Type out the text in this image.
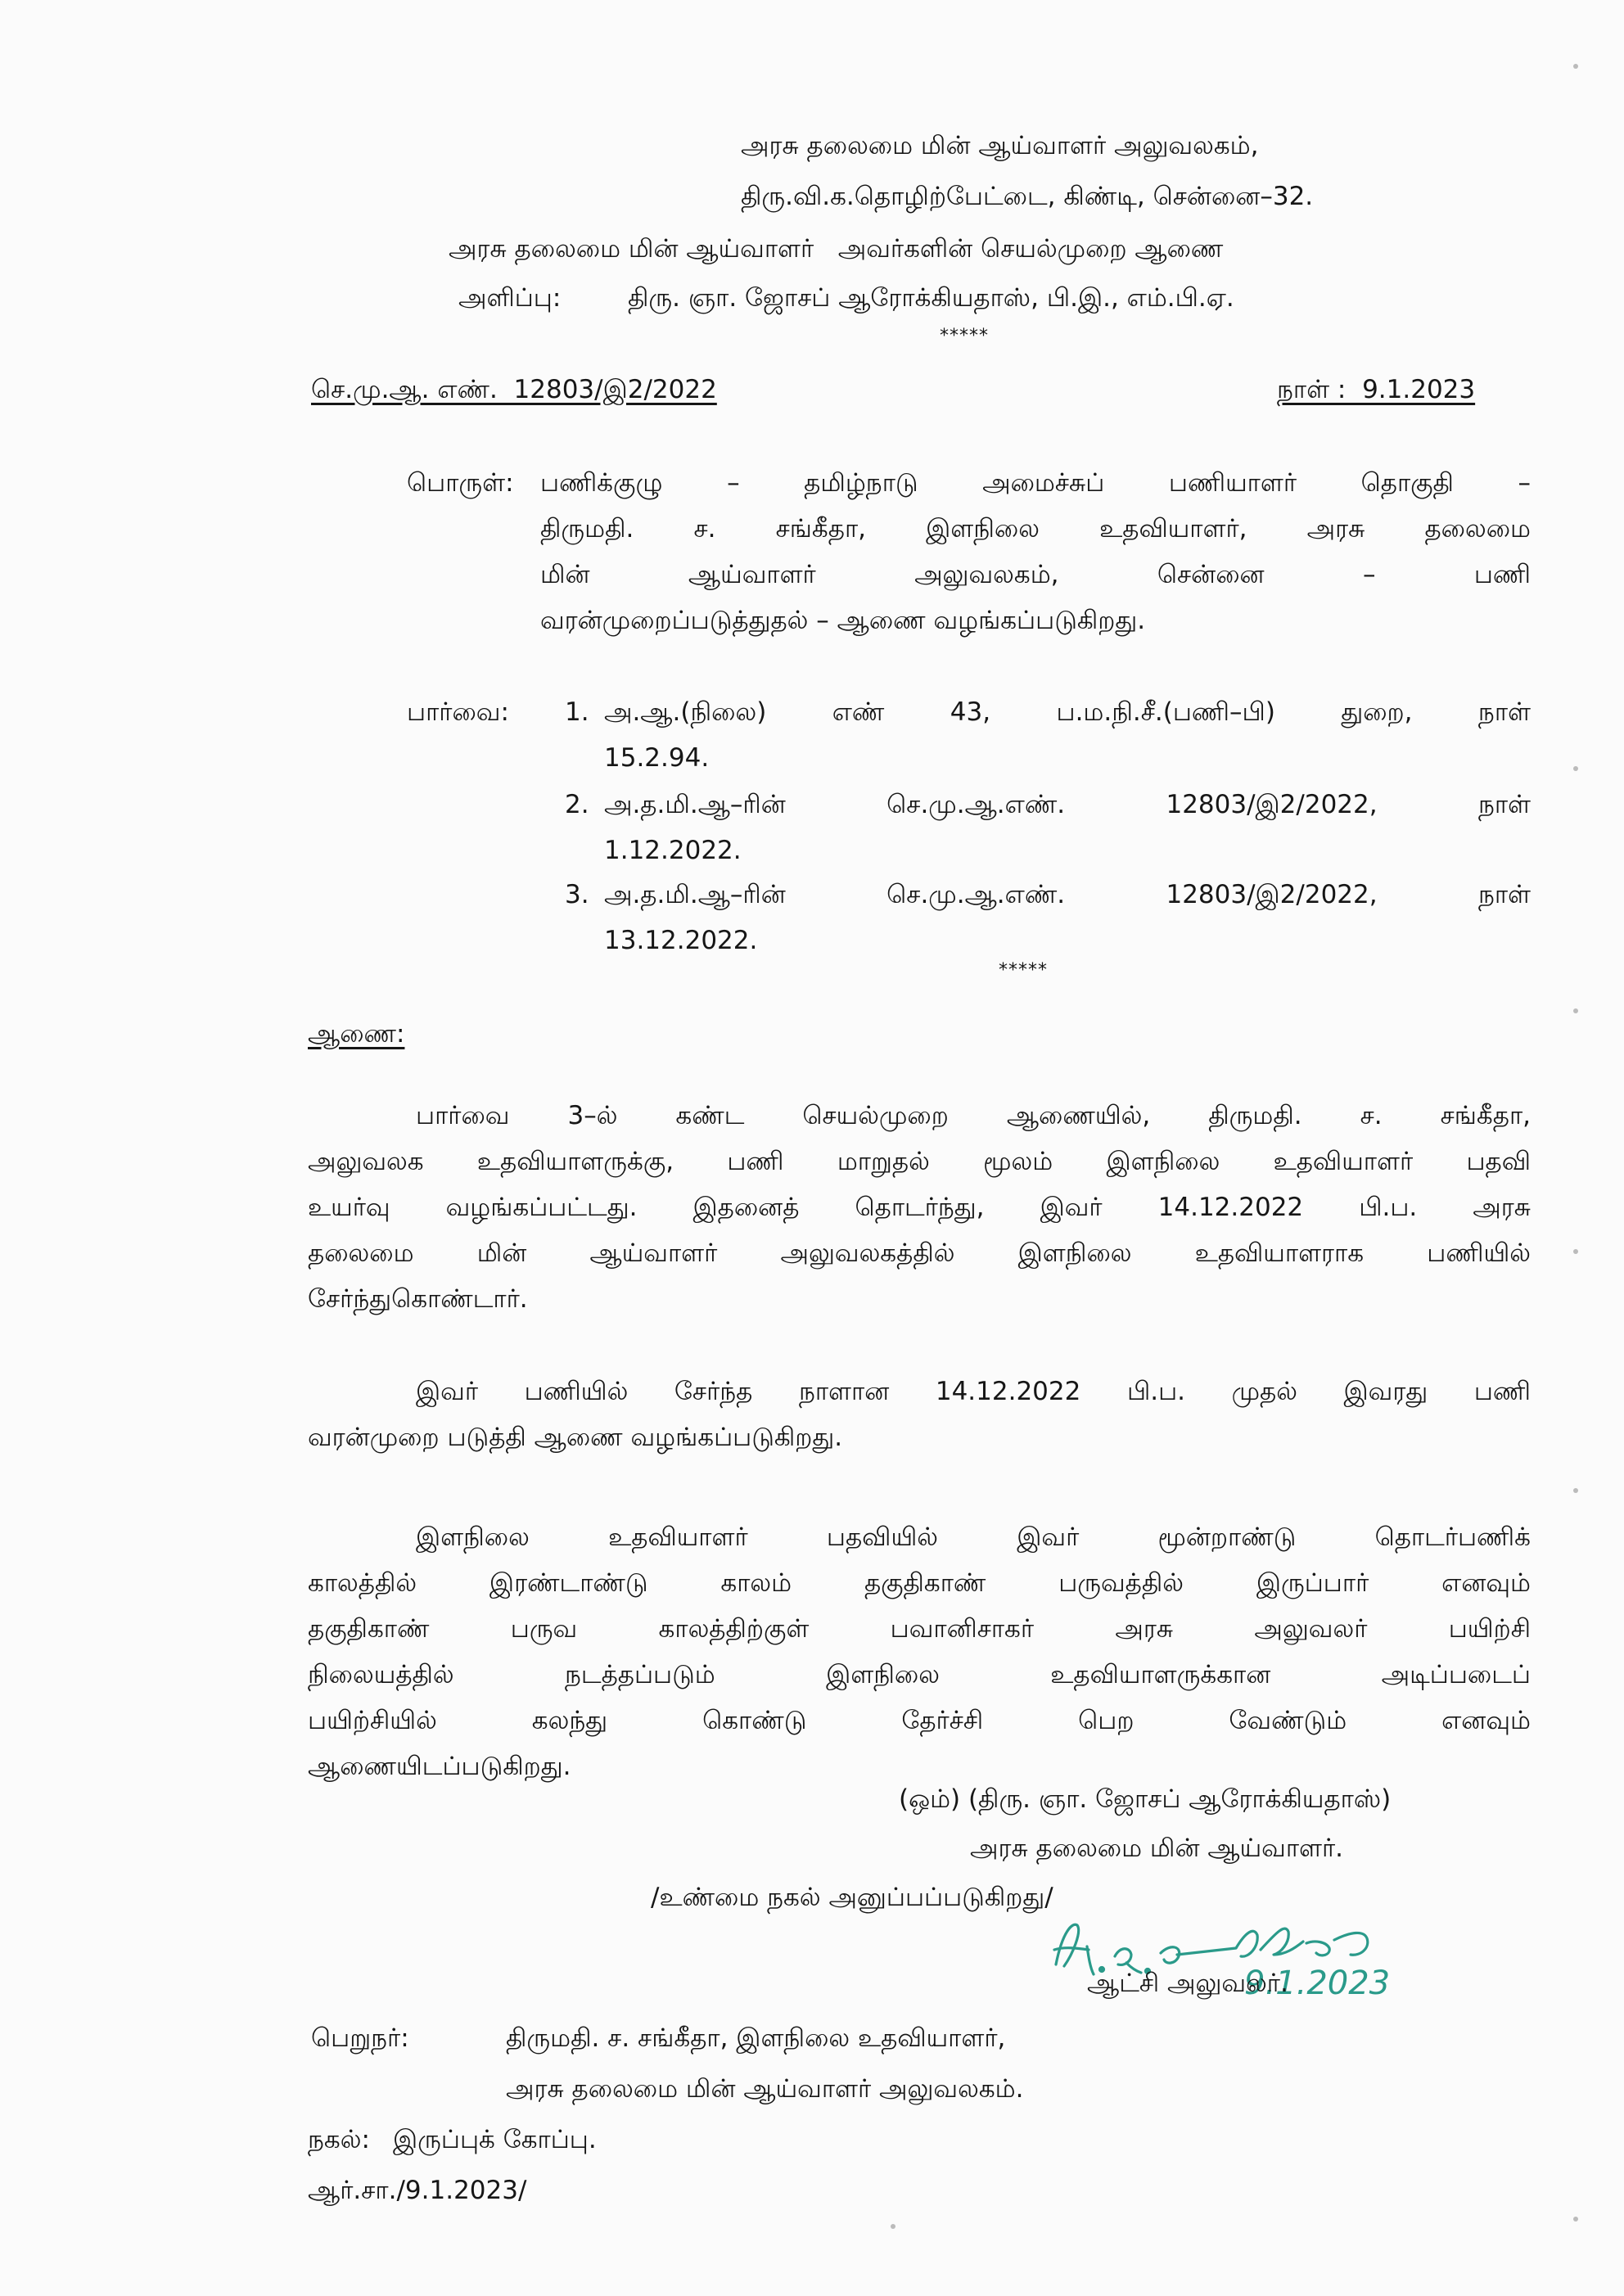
அரசு தலைமை மின் ஆய்வாளர் அலுவலகம்,
திரு.வி.க.தொழிற்பேட்டை, கிண்டி, சென்னை–32.
அரசு தலைமை மின் ஆய்வாளர்   அவர்களின் செயல்முறை ஆணை
அளிப்பு:	திரு. ஞா. ஜோசப் ஆரோக்கியதாஸ், பி.இ., எம்.பி.ஏ.
*****
செ.மு.ஆ. எண்.  12803/இ2/2022	நாள் :  9.1.2023
பொருள்: பணிக்குழு – தமிழ்நாடு அமைச்சுப் பணியாளர் தொகுதி –
திருமதி. ச. சங்கீதா, இளநிலை உதவியாளர், அரசு தலைமை
மின் ஆய்வாளர் அலுவலகம், சென்னை – பணி
வரன்முறைப்படுத்துதல் – ஆணை வழங்கப்படுகிறது.
பார்வை: 1. அ.ஆ.(நிலை) எண் 43, ப.ம.நி.சீ.(பணி–பி) துறை, நாள்
15.2.94.
2. அ.த.மி.ஆ–ரின் செ.மு.ஆ.எண். 12803/இ2/2022, நாள்
1.12.2022.
3. அ.த.மி.ஆ–ரின் செ.மு.ஆ.எண். 12803/இ2/2022, நாள்
13.12.2022.
*****
ஆணை:
பார்வை 3–ல் கண்ட செயல்முறை ஆணையில், திருமதி. ச. சங்கீதா,
அலுவலக உதவியாளருக்கு, பணி மாறுதல் மூலம் இளநிலை உதவியாளர் பதவி
உயர்வு வழங்கப்பட்டது. இதனைத் தொடர்ந்து, இவர் 14.12.2022 பி.ப. அரசு
தலைமை மின் ஆய்வாளர் அலுவலகத்தில் இளநிலை உதவியாளராக பணியில்
சேர்ந்துகொண்டார்.
இவர் பணியில் சேர்ந்த நாளான 14.12.2022 பி.ப. முதல் இவரது பணி
வரன்முறை படுத்தி ஆணை வழங்கப்படுகிறது.
இளநிலை உதவியாளர் பதவியில் இவர் மூன்றாண்டு தொடர்பணிக்
காலத்தில் இரண்டாண்டு காலம் தகுதிகாண் பருவத்தில் இருப்பார் எனவும்
தகுதிகாண் பருவ காலத்திற்குள் பவானிசாகர் அரசு அலுவலர் பயிற்சி
நிலையத்தில் நடத்தப்படும் இளநிலை உதவியாளருக்கான அடிப்படைப்
பயிற்சியில் கலந்து கொண்டு தேர்ச்சி பெற வேண்டும் எனவும்
ஆணையிடப்படுகிறது.
(ஒம்) (திரு. ஞா. ஜோசப் ஆரோக்கியதாஸ்)
அரசு தலைமை மின் ஆய்வாளர்.
/உண்மை நகல் அனுப்பப்படுகிறது/
9.1.2023
ஆட்சி அலுவலர்.
பெறுநர்:	திருமதி. ச. சங்கீதா, இளநிலை உதவியாளர்,
அரசு தலைமை மின் ஆய்வாளர் அலுவலகம்.
நகல்: இருப்புக் கோப்பு.
ஆர்.சா./9.1.2023/
